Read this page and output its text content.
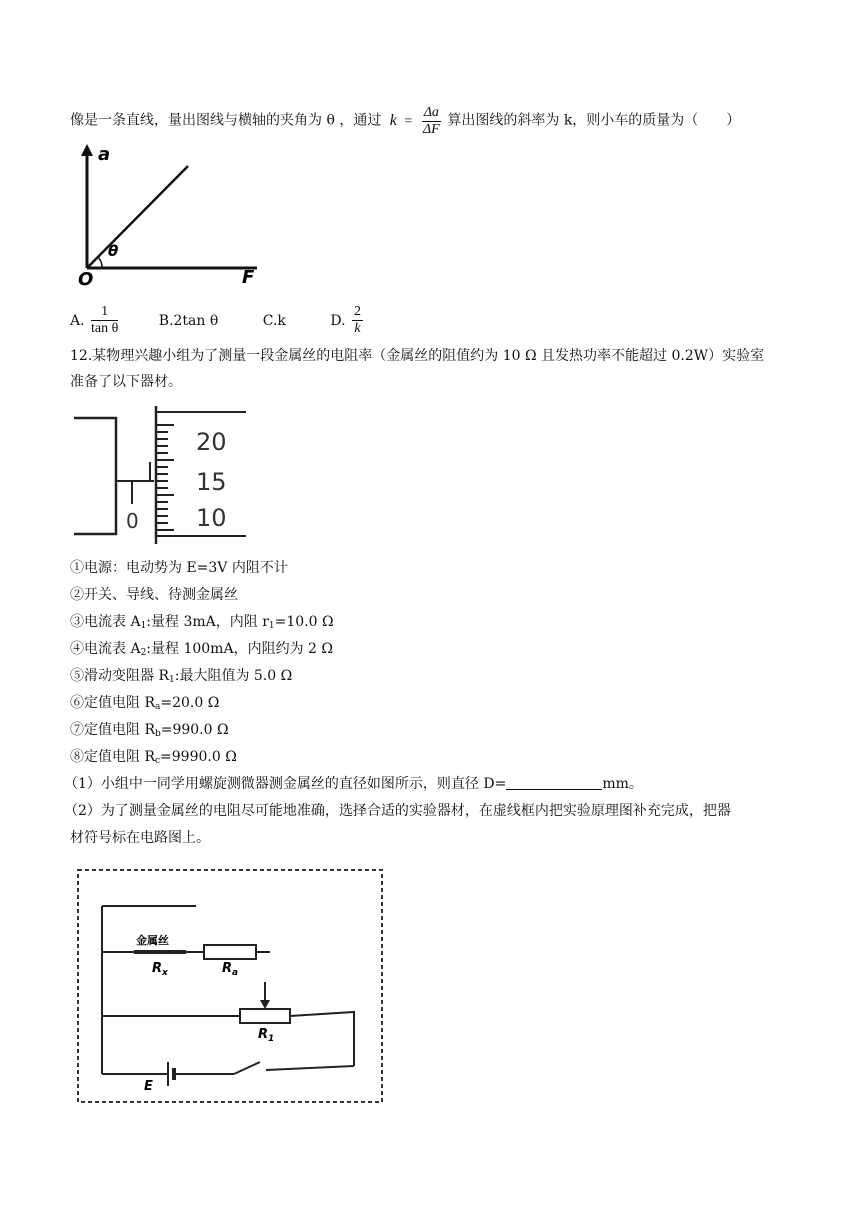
像是一条直线，量出图线与横轴的夹角为 θ ，通过 $k = \frac{\Delta a}{\Delta F}$ 算出图线的斜率为 k，则小车的质量为（　　）
a
F
O
θ
A. $\frac{1}{\text{tan θ}}$	B.2tan θ	C.k	D. $\frac{2}{k}$
12.某物理兴趣小组为了测量一段金属丝的电阻率（金属丝的阻值约为 10 Ω 且发热功率不能超过 0.2W）实验室
准备了以下器材。
0
20
15
10
①电源：电动势为 E=3V 内阻不计
②开关、导线、待测金属丝
③电流表 $A_1$:量程 3mA，内阻 $r_1=10.0$ Ω
④电流表 $A_2$:量程 100mA，内阻约为 2 Ω
⑤滑动变阻器 $R_1$:最大阻值为 5.0 Ω
⑥定值电阻 $R_a=20.0$ Ω
⑦定值电阻 $R_b=990.0$ Ω
⑧定值电阻 $R_c=9990.0$ Ω
（1）小组中一同学用螺旋测微器测金属丝的直径如图所示，则直径 D=	mm。
（2）为了测量金属丝的电阻尽可能地准确，选择合适的实验器材，在虚线框内把实验原理图补充完成，把器
材符号标在电路图上。
金属丝
$R_x$	$R_a$
$R_1$
E
